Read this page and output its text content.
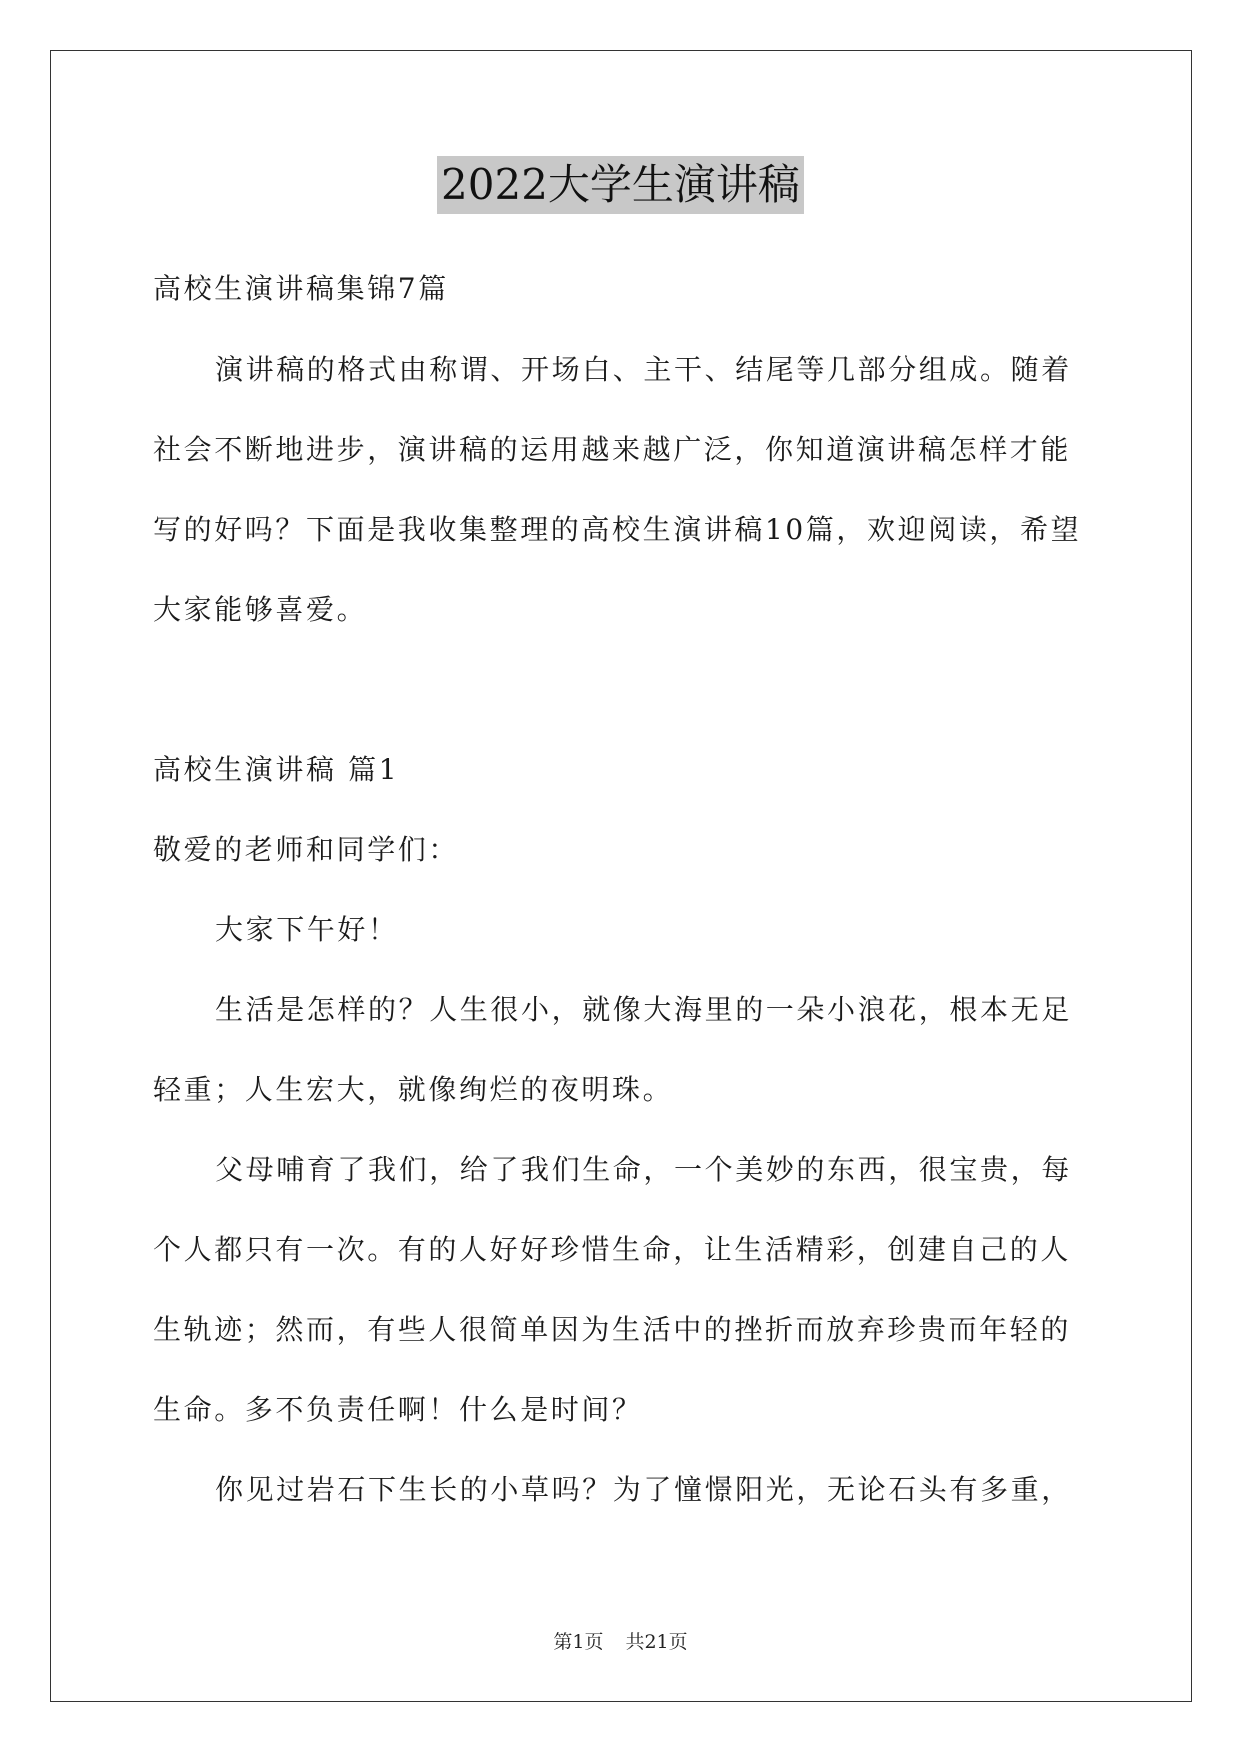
2022大学生演讲稿
高校生演讲稿集锦7篇
演讲稿的格式由称谓、开场白、主干、结尾等几部分组成。随着
社会不断地进步，演讲稿的运用越来越广泛，你知道演讲稿怎样才能
写的好吗？下面是我收集整理的高校生演讲稿10篇，欢迎阅读，希望
大家能够喜爱。
高校生演讲稿 篇1
敬爱的老师和同学们：
大家下午好！
生活是怎样的？人生很小，就像大海里的一朵小浪花，根本无足
轻重；人生宏大，就像绚烂的夜明珠。
父母哺育了我们，给了我们生命，一个美妙的东西，很宝贵，每
个人都只有一次。有的人好好珍惜生命，让生活精彩，创建自己的人
生轨迹；然而，有些人很简单因为生活中的挫折而放弃珍贵而年轻的
生命。多不负责任啊！什么是时间？
你见过岩石下生长的小草吗？为了憧憬阳光，无论石头有多重，
第1页 共21页
